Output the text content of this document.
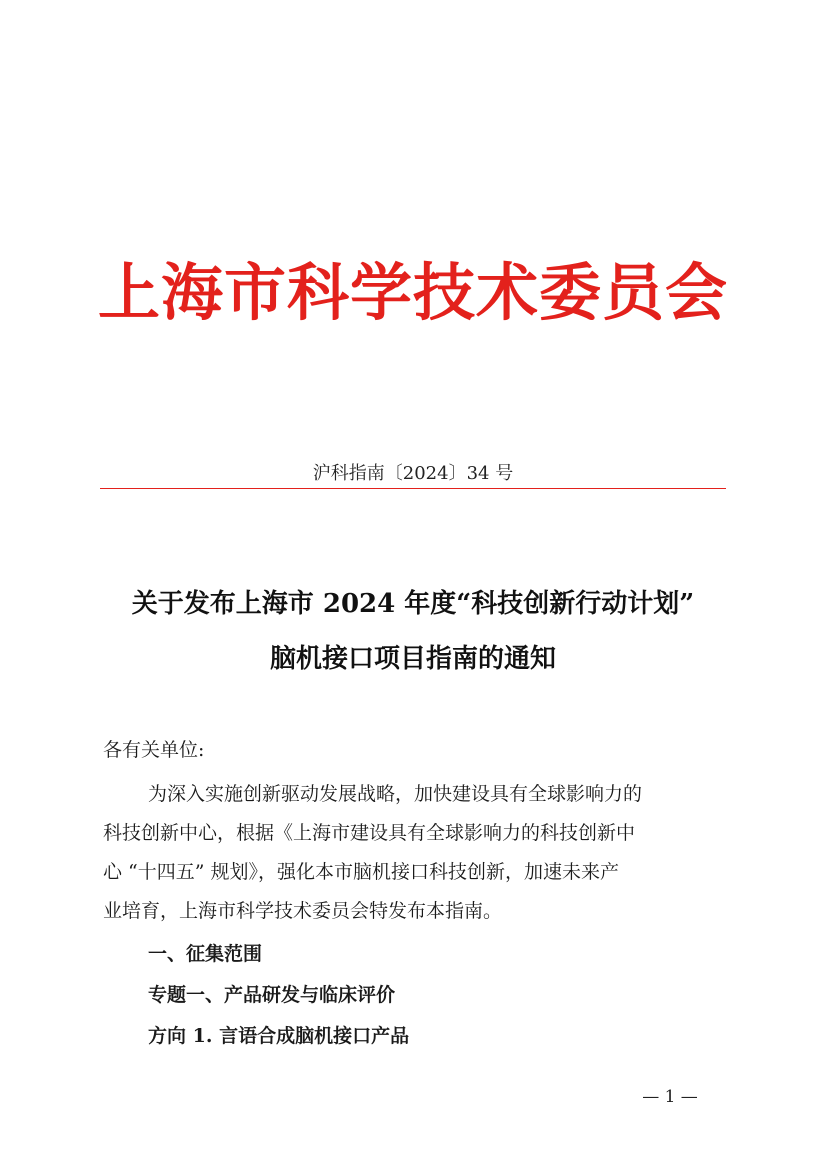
上海市科学技术委员会
沪科指南〔2024〕34 号
关于发布上海市 2024 年度“科技创新行动计划”
脑机接口项目指南的通知
各有关单位:
为深入实施创新驱动发展战略，加快建设具有全球影响力的
科技创新中心，根据《上海市建设具有全球影响力的科技创新中
心 “十四五” 规划》，强化本市脑机接口科技创新，加速未来产
业培育，上海市科学技术委员会特发布本指南。
一、征集范围
专题一、产品研发与临床评价
方向 1. 言语合成脑机接口产品
— 1 —
